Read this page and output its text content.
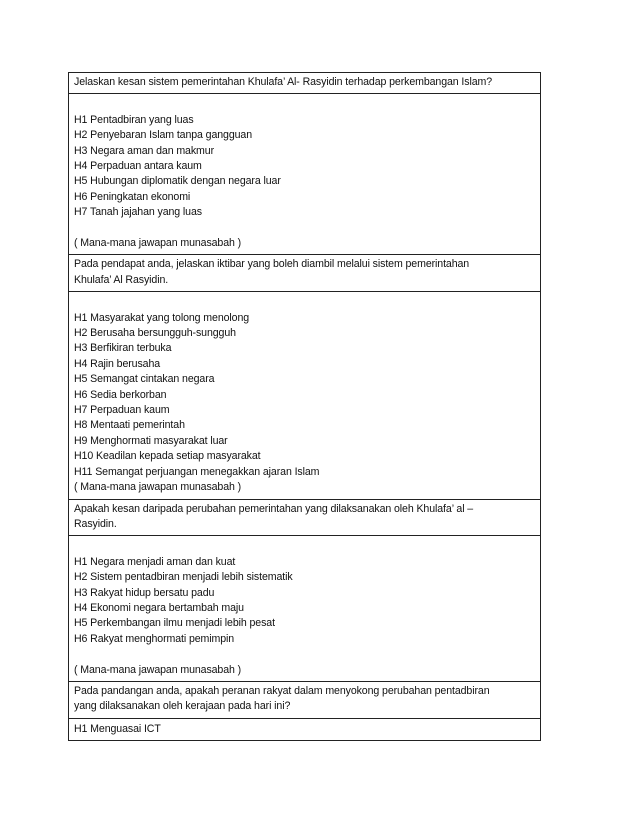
Jelaskan kesan sistem pemerintahan Khulafa’ Al- Rasyidin terhadap perkembangan Islam?
H1 Pentadbiran yang luas
H2 Penyebaran Islam tanpa gangguan
H3 Negara aman dan makmur
H4 Perpaduan antara kaum
H5 Hubungan diplomatik dengan negara luar
H6 Peningkatan ekonomi
H7 Tanah jajahan yang luas
( Mana-mana jawapan munasabah )
Pada pendapat anda, jelaskan iktibar yang boleh diambil melalui sistem pemerintahan
Khulafa’ Al Rasyidin.
H1 Masyarakat yang tolong menolong
H2 Berusaha bersungguh-sungguh
H3 Berfikiran terbuka
H4 Rajin berusaha
H5 Semangat cintakan negara
H6 Sedia berkorban
H7 Perpaduan kaum
H8 Mentaati pemerintah
H9 Menghormati masyarakat luar
H10 Keadilan kepada setiap masyarakat
H11 Semangat perjuangan menegakkan ajaran Islam
( Mana-mana jawapan munasabah )
Apakah kesan daripada perubahan pemerintahan yang dilaksanakan oleh Khulafa’ al –
Rasyidin.
H1 Negara menjadi aman dan kuat
H2 Sistem pentadbiran menjadi lebih sistematik
H3 Rakyat hidup bersatu padu
H4 Ekonomi negara bertambah maju
H5 Perkembangan ilmu menjadi lebih pesat
H6 Rakyat menghormati pemimpin
( Mana-mana jawapan munasabah )
Pada pandangan anda, apakah peranan rakyat dalam menyokong perubahan pentadbiran
yang dilaksanakan oleh kerajaan pada hari ini?
H1 Menguasai ICT
